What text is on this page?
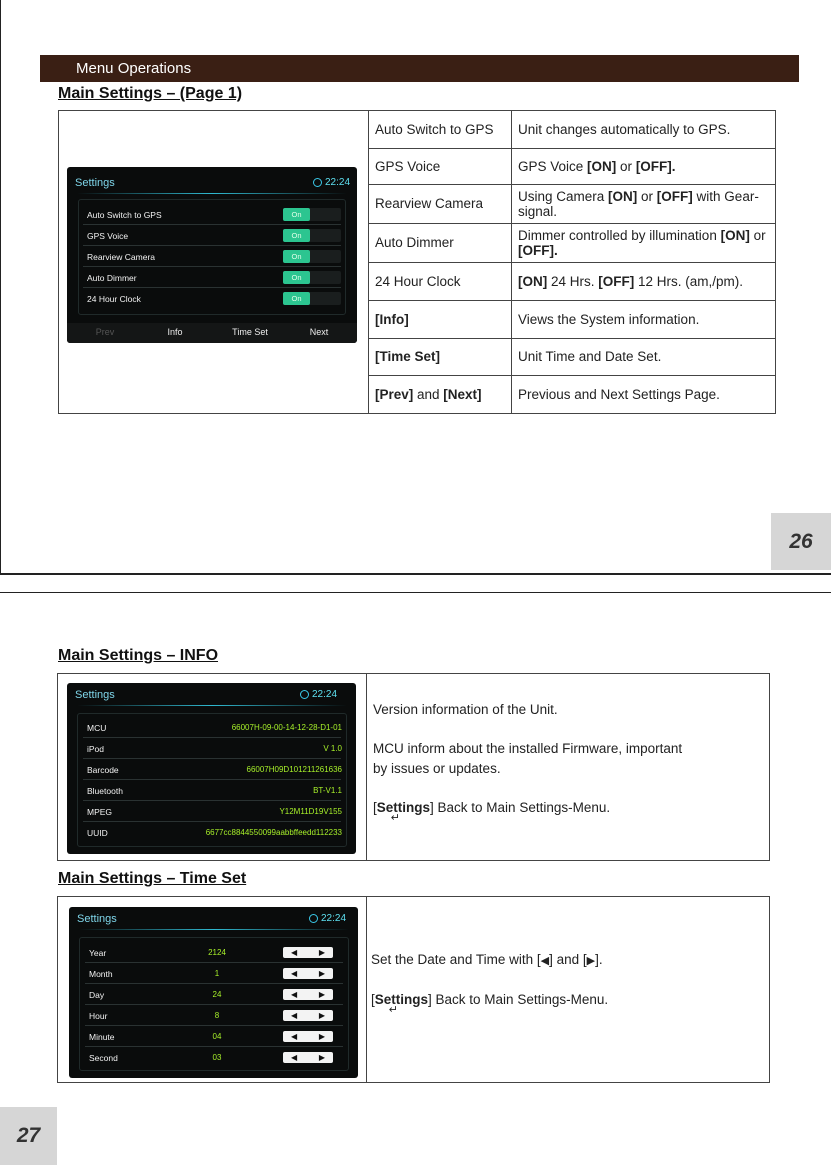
Menu Operations
Main Settings – (Page 1)
Auto Switch to GPS	Unit changes automatically to GPS.
GPS Voice	GPS Voice [ON] or [OFF].
Rearview Camera	Using Camera [ON] or [OFF] with Gear-signal.
Auto Dimmer	Dimmer controlled by illumination [ON] or [OFF].
24 Hour Clock	[ON] 24 Hrs. [OFF] 12 Hrs. (am,/pm).
[Info]	Views the System information.
[Time Set]	Unit Time and Date Set.
[Prev] and [Next]	Previous and Next Settings Page.
Settings	22:24
Auto Switch to GPS	On
GPS Voice	On
Rearview Camera	On
Auto Dimmer	On
24 Hour Clock	On
Prev	Info	Time Set	Next
26
Main Settings – INFO
Settings	22:24
MCU	66007H-09-00-14-12-28-D1-01
iPod	V 1.0
Barcode	66007H09D101211261636
Bluetooth	BT-V1.1
MPEG	Y12M11D19V155
UUID	6677cc8844550099aabbffeedd112233
Version information of the Unit.
MCU inform about the installed Firmware, important
by issues or updates.
[Settings
↵
] Back to Main Settings-Menu.
Main Settings – Time Set
Settings	22:24
Year	2124	◀	▶
Month	1	◀	▶
Day	24	◀	▶
Hour	8	◀	▶
Minute	04	◀	▶
Second	03	◀	▶
Set the Date and Time with [◀] and [▶].
[Settings
↵
] Back to Main Settings-Menu.
27
